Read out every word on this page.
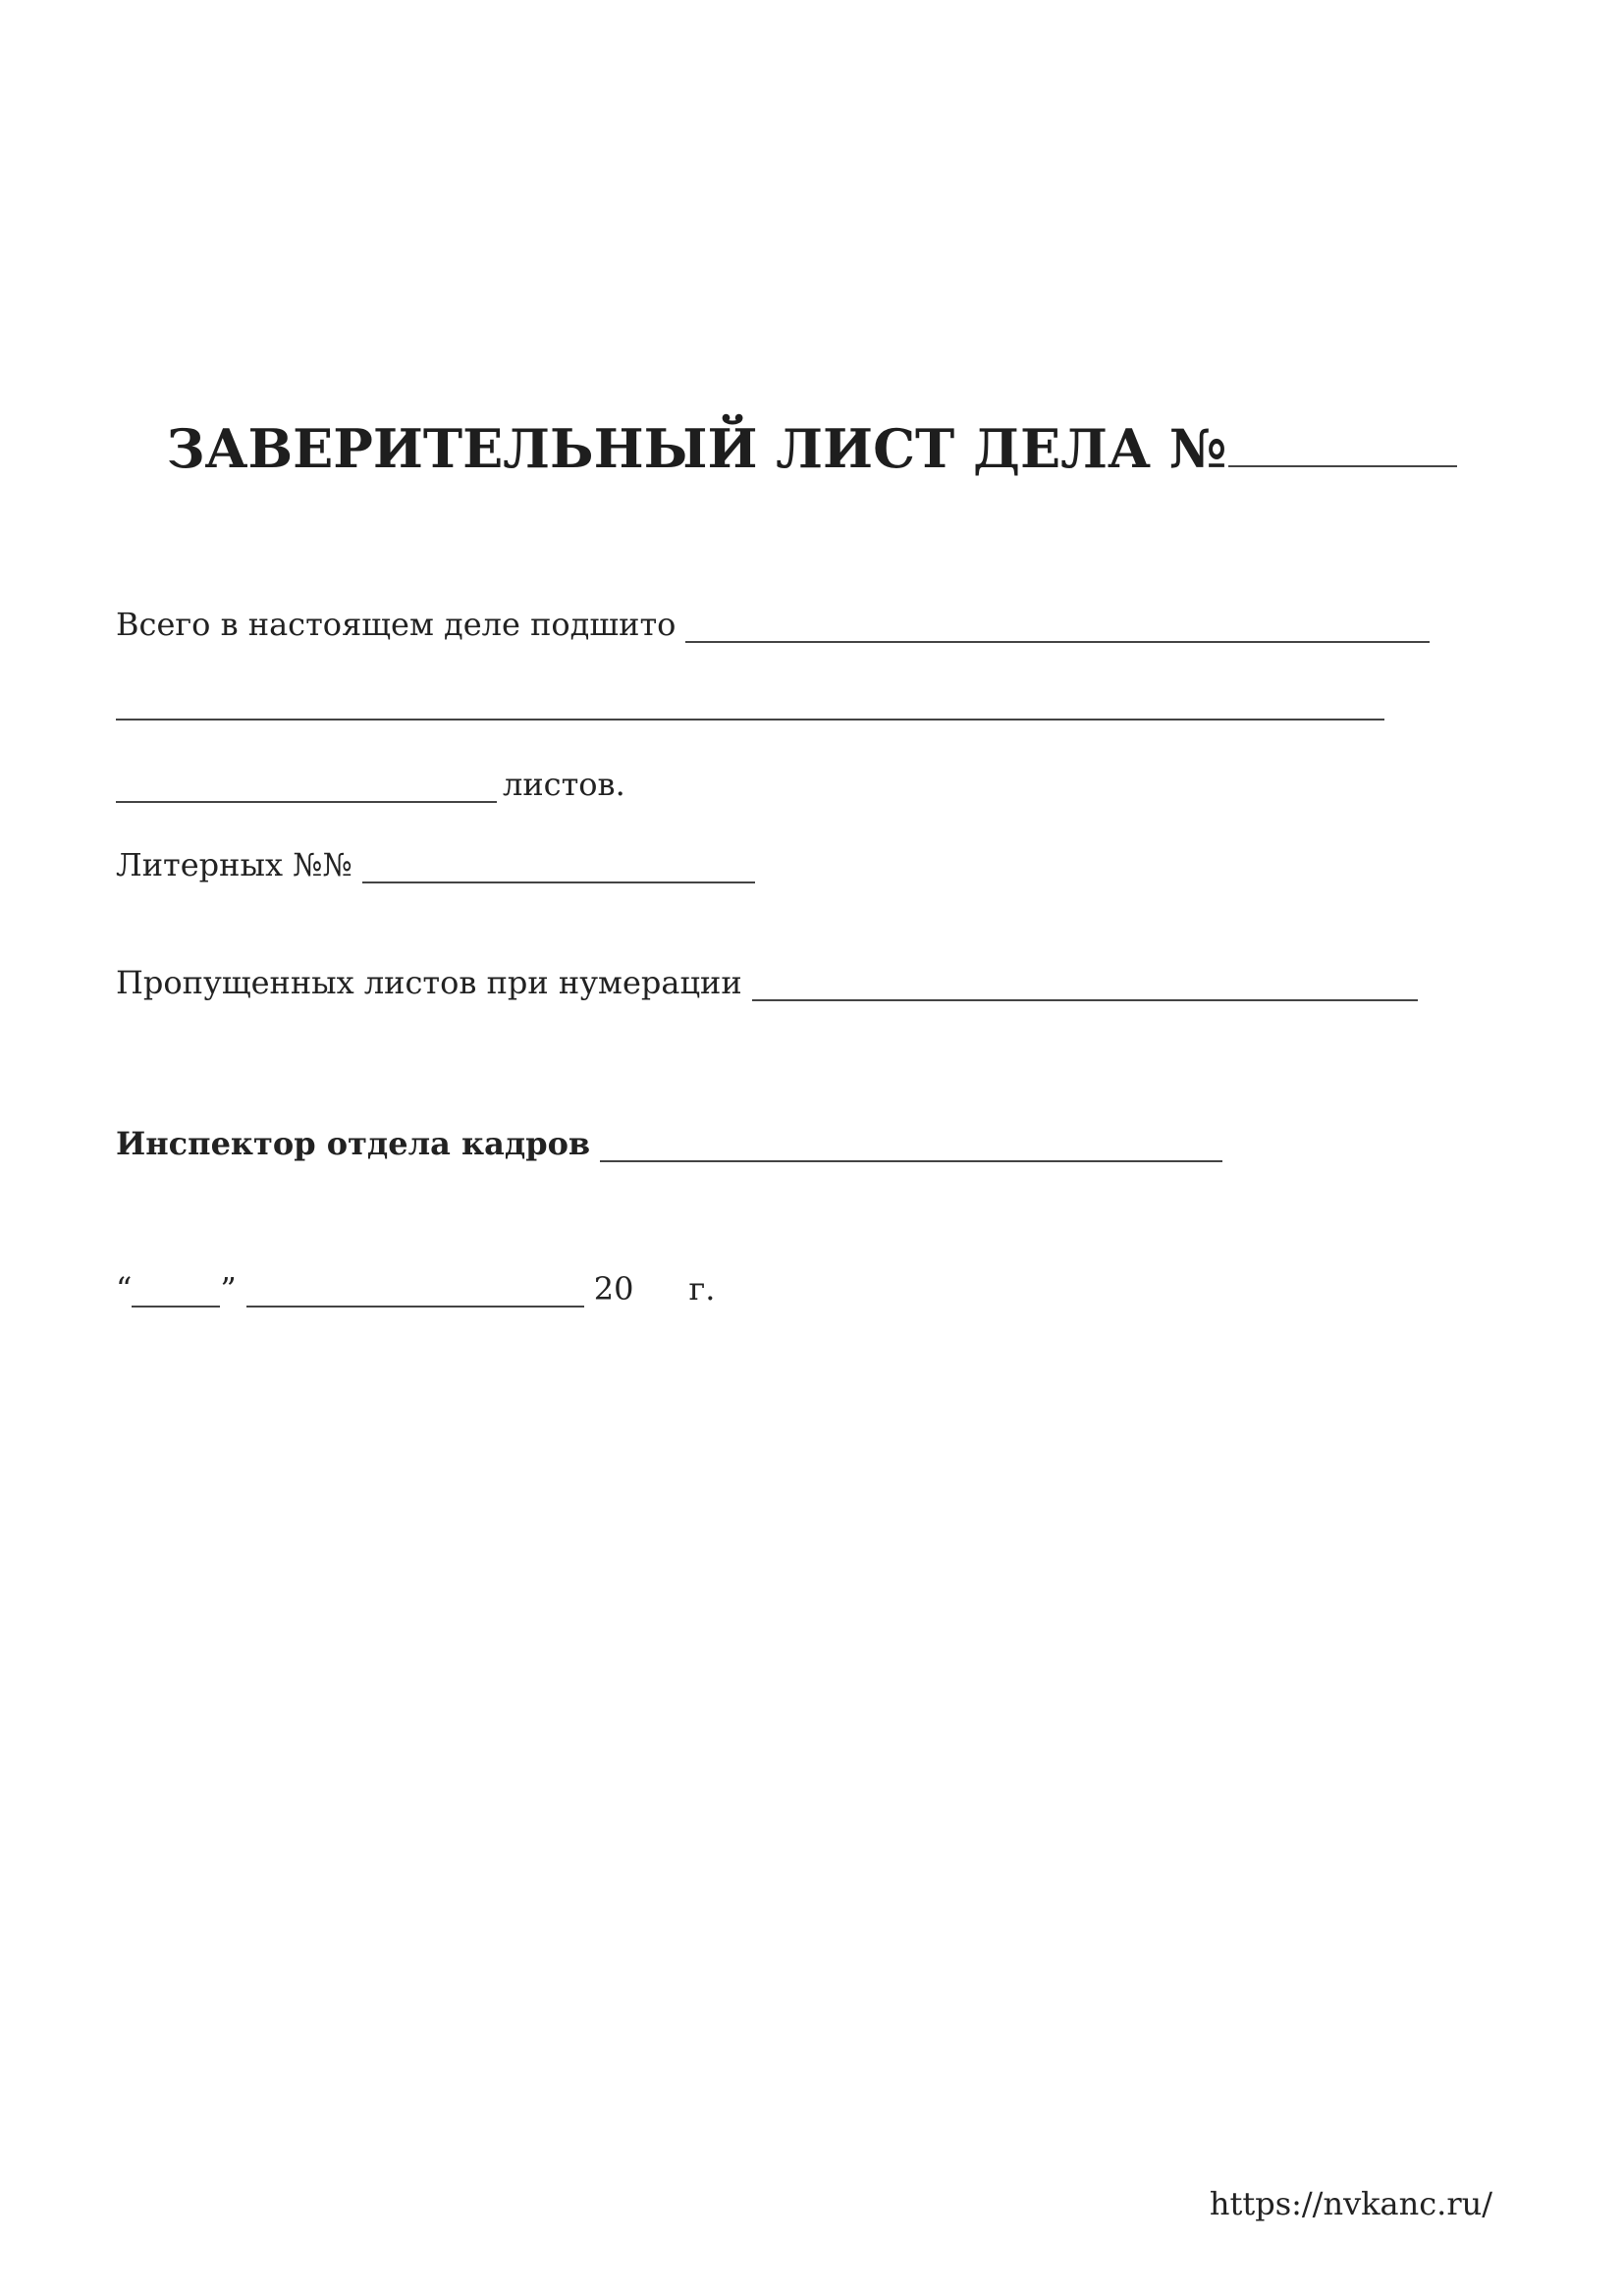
ЗАВЕРИТЕЛЬНЫЙ ЛИСТ ДЕЛА №
Всего в настоящем деле подшито
листов.
Литерных №№
Пропущенных листов при нумерации
Инспектор отдела кадров
“	”	20 г.
https://nvkanc.ru/
